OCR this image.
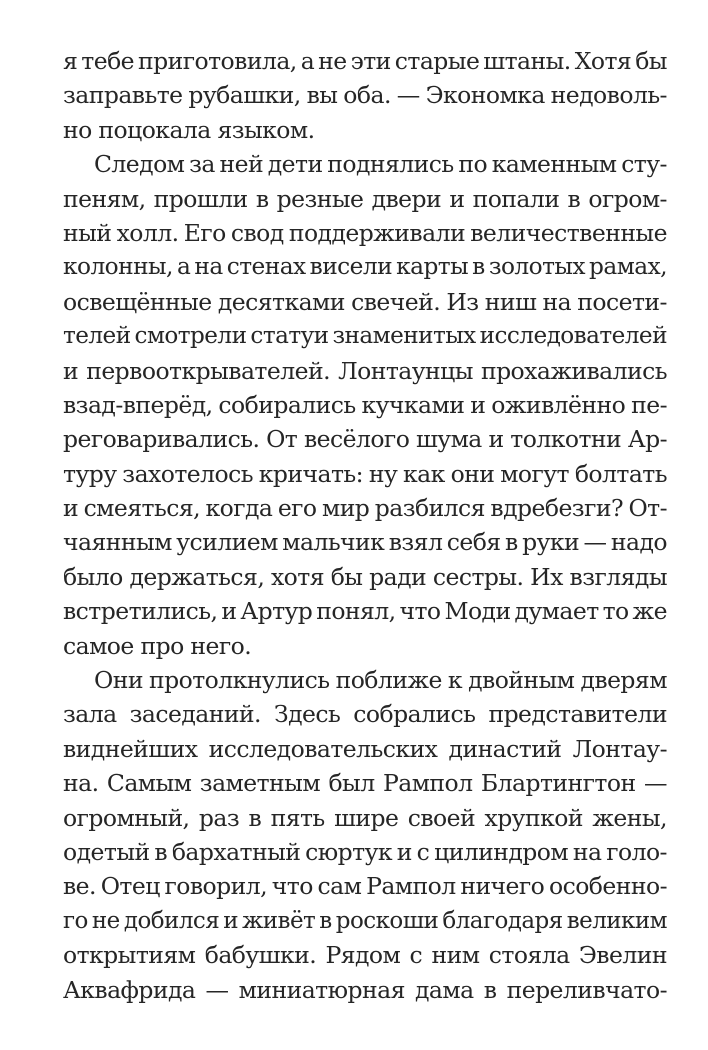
я тебе приготовила, а не эти старые штаны. Хотя бы
заправьте рубашки, вы оба. — Экономка недоволь-
но поцокала языком.
Следом за ней дети поднялись по каменным сту-
пеням, прошли в резные двери и попали в огром-
ный холл. Его свод поддерживали величественные
колонны, а на стенах висели карты в золотых рамах,
освещённые десятками свечей. Из ниш на посети-
телей смотрели статуи знаменитых исследователей
и первооткрывателей. Лонтаунцы прохаживались
взад-вперёд, собирались кучками и оживлённо пе-
реговаривались. От весёлого шума и толкотни Ар-
туру захотелось кричать: ну как они могут болтать
и смеяться, когда его мир разбился вдребезги? От-
чаянным усилием мальчик взял себя в руки — надо
было держаться, хотя бы ради сестры. Их взгляды
встретились, и Артур понял, что Моди думает то же
самое про него.
Они протолкнулись поближе к двойным дверям
зала заседаний. Здесь собрались представители
виднейших исследовательских династий Лонтау-
на. Самым заметным был Рампол Блартингтон —
огромный, раз в пять шире своей хрупкой жены,
одетый в бархатный сюртук и с цилиндром на голо-
ве. Отец говорил, что сам Рампол ничего особенно-
го не добился и живёт в роскоши благодаря великим
открытиям бабушки. Рядом с ним стояла Эвелин
Аквафрида — миниатюрная дама в переливчато-
